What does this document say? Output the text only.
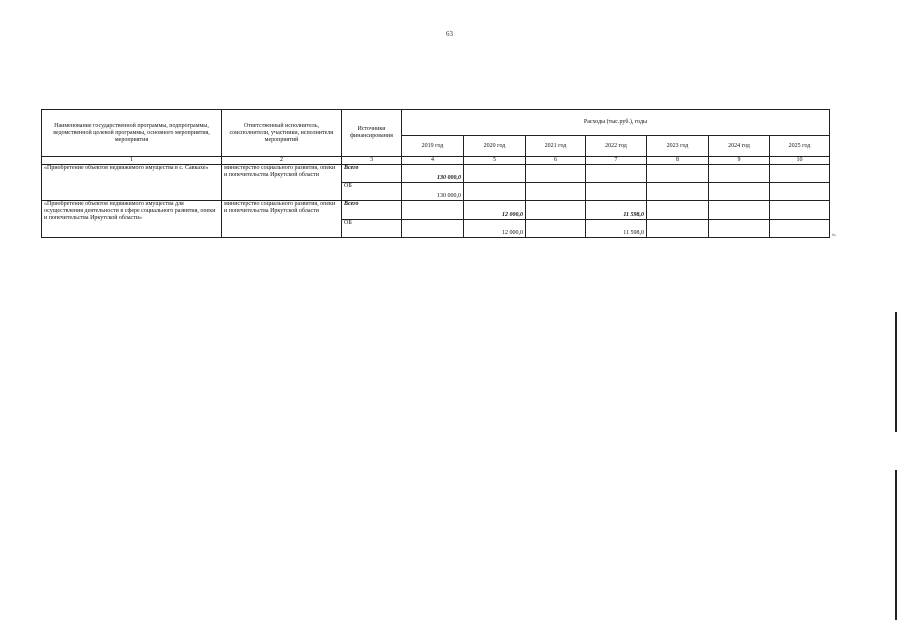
63
Наименование государственной программы, подпрограммы, ведомственной целевой программы, основного мероприятия, мероприятия	Ответственный исполнитель, соисполнители, участники, исполнители мероприятий	Источники финансирования	Расходы (тыс.руб.), годы						
			2019 год	2020 год	2021 год	2022 год	2023 год	2024 год	2025 год
1	2	3	4	5	6	7	8	9	10
«Приобретение объектов недвижимого имущества в с. Савкахе»	министерство социального развития, опеки и попечительства Иркутской области	Всего	130 000,0						
		ОБ	130 000,0						
«Приобретение объектов недвижимого имущества для осуществления деятельности в сфере социального развития, опеки и попечительства Иркутской области»	министерство социального развития, опеки и попечительства Иркутской области	Всего		12 000,0		11 598,0			
		ОБ		12 000,0		11 598,0				».
